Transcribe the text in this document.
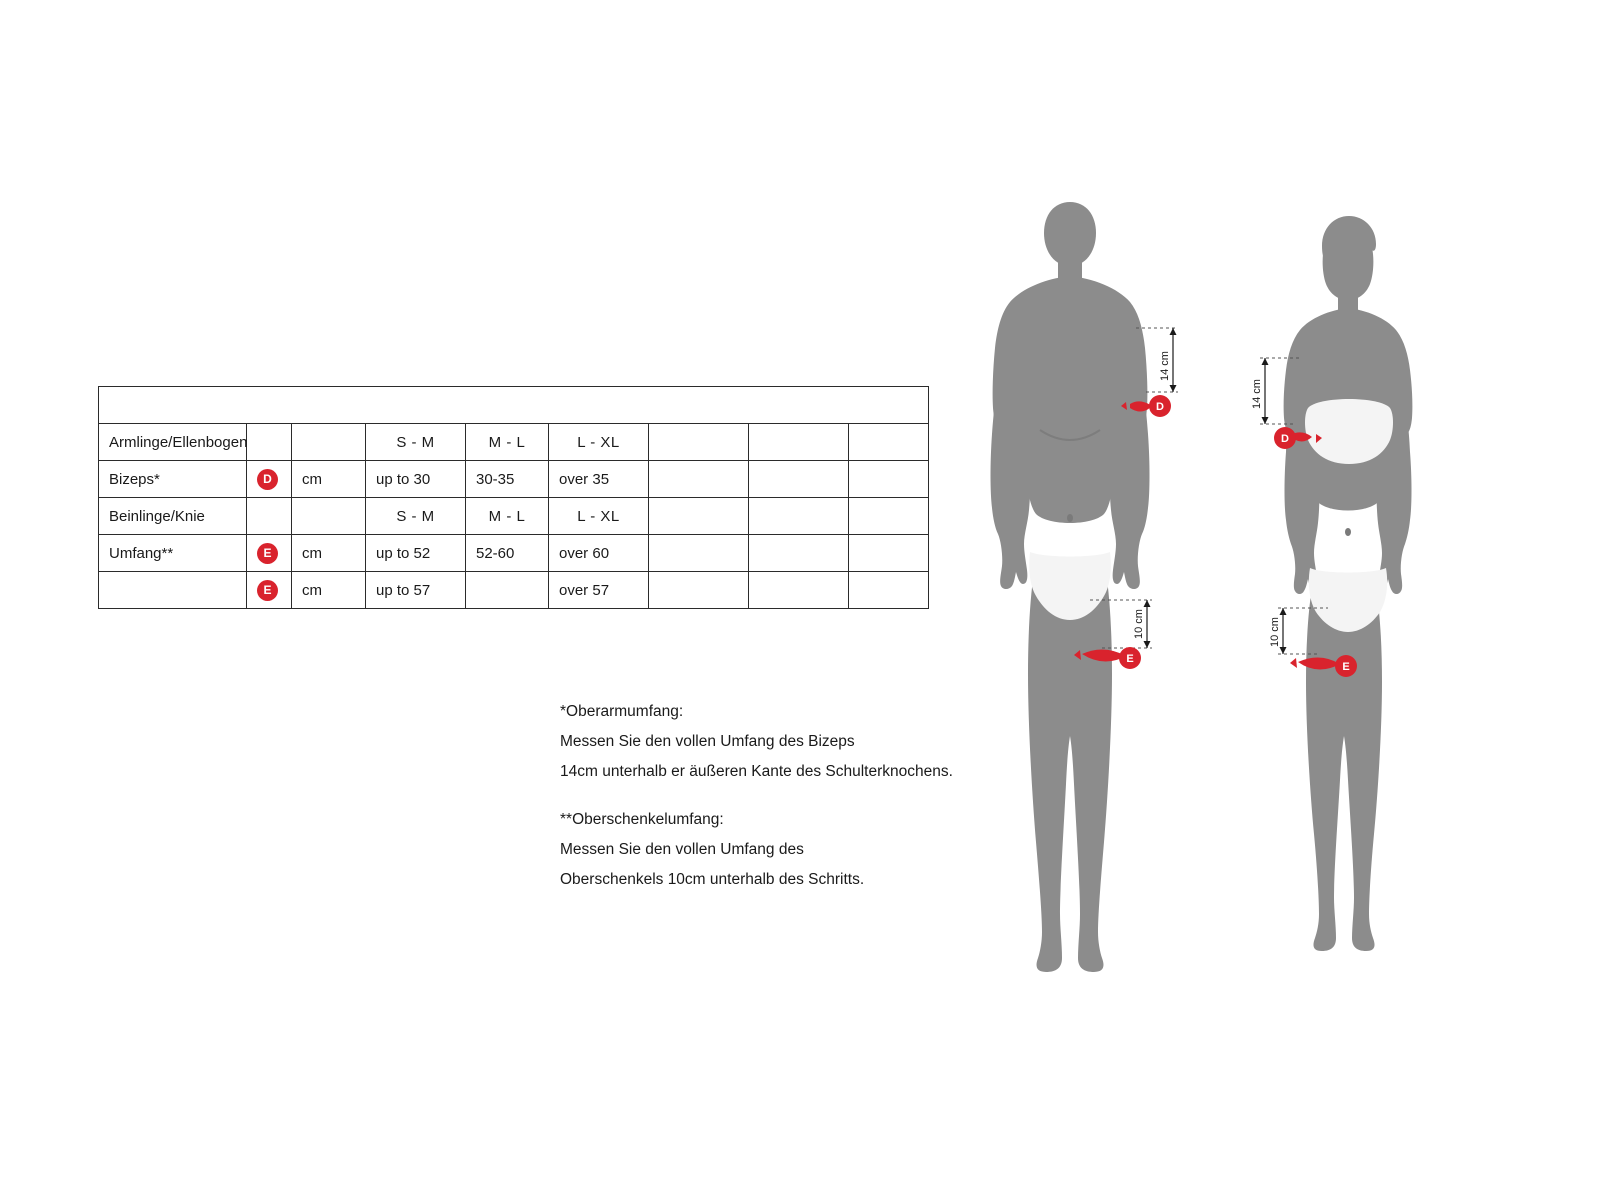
PROTEKTOREN/WÄRMER								
Armlinge/Ellenbogen			S - M	M - L	L - XL			
Bizeps*	D	cm	up to 30	30-35	over 35			
Beinlinge/Knie			S - M	M - L	L - XL			
Umfang**	E	cm	up to 52	52-60	over 60			
	E	cm	up to 57		over 57			

*Oberarmumfang:

Messen Sie den vollen Umfang des Bizeps

14cm unterhalb er äußeren Kante des Schulterknochens.

**Oberschenkelumfang:

Messen Sie den vollen Umfang des

Oberschenkels 10cm unterhalb des Schritts.

14 cm
D
10 cm
E
14 cm
D
10 cm
E
